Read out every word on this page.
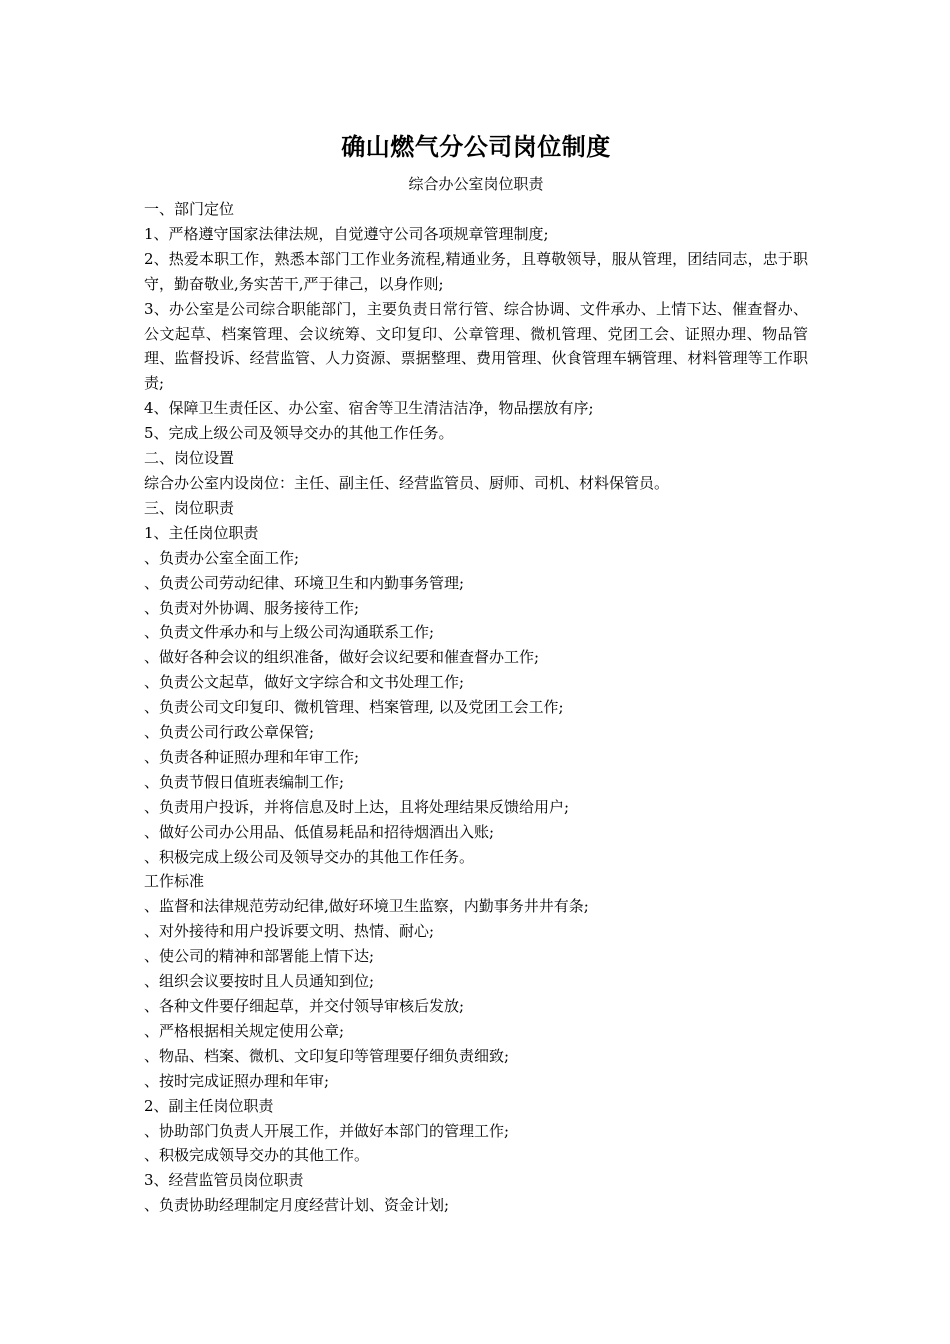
确山燃气分公司岗位制度
综合办公室岗位职责
一、部门定位
1、严格遵守国家法律法规，自觉遵守公司各项规章管理制度;
2、热爱本职工作，熟悉本部门工作业务流程,精通业务，且尊敬领导，服从管理，团结同志，忠于职守，勤奋敬业,务实苦干,严于律己，以身作则;
3、办公室是公司综合职能部门，主要负责日常行管、综合协调、文件承办、上情下达、催查督办、公文起草、档案管理、会议统筹、文印复印、公章管理、微机管理、党团工会、证照办理、物品管理、监督投诉、经营监管、人力资源、票据整理、费用管理、伙食管理车辆管理、材料管理等工作职责;
4、保障卫生责任区、办公室、宿舍等卫生清洁洁净，物品摆放有序;
5、完成上级公司及领导交办的其他工作任务。
二、岗位设置
综合办公室内设岗位：主任、副主任、经营监管员、厨师、司机、材料保管员。
三、岗位职责
1、主任岗位职责
、负责办公室全面工作;
、负责公司劳动纪律、环境卫生和内勤事务管理;
、负责对外协调、服务接待工作;
、负责文件承办和与上级公司沟通联系工作;
、做好各种会议的组织准备，做好会议纪要和催查督办工作;
、负责公文起草，做好文字综合和文书处理工作;
、负责公司文印复印、微机管理、档案管理, 以及党团工会工作;
、负责公司行政公章保管;
、负责各种证照办理和年审工作;
、负责节假日值班表编制工作;
、负责用户投诉，并将信息及时上达，且将处理结果反馈给用户;
、做好公司办公用品、低值易耗品和招待烟酒出入账;
、积极完成上级公司及领导交办的其他工作任务。
工作标准
、监督和法律规范劳动纪律,做好环境卫生监察，内勤事务井井有条;
、对外接待和用户投诉要文明、热情、耐心;
、使公司的精神和部署能上情下达;
、组织会议要按时且人员通知到位;
、各种文件要仔细起草，并交付领导审核后发放;
、严格根据相关规定使用公章;
、物品、档案、微机、文印复印等管理要仔细负责细致;
、按时完成证照办理和年审;
2、副主任岗位职责
、协助部门负责人开展工作，并做好本部门的管理工作;
、积极完成领导交办的其他工作。
3、经营监管员岗位职责
、负责协助经理制定月度经营计划、资金计划;
